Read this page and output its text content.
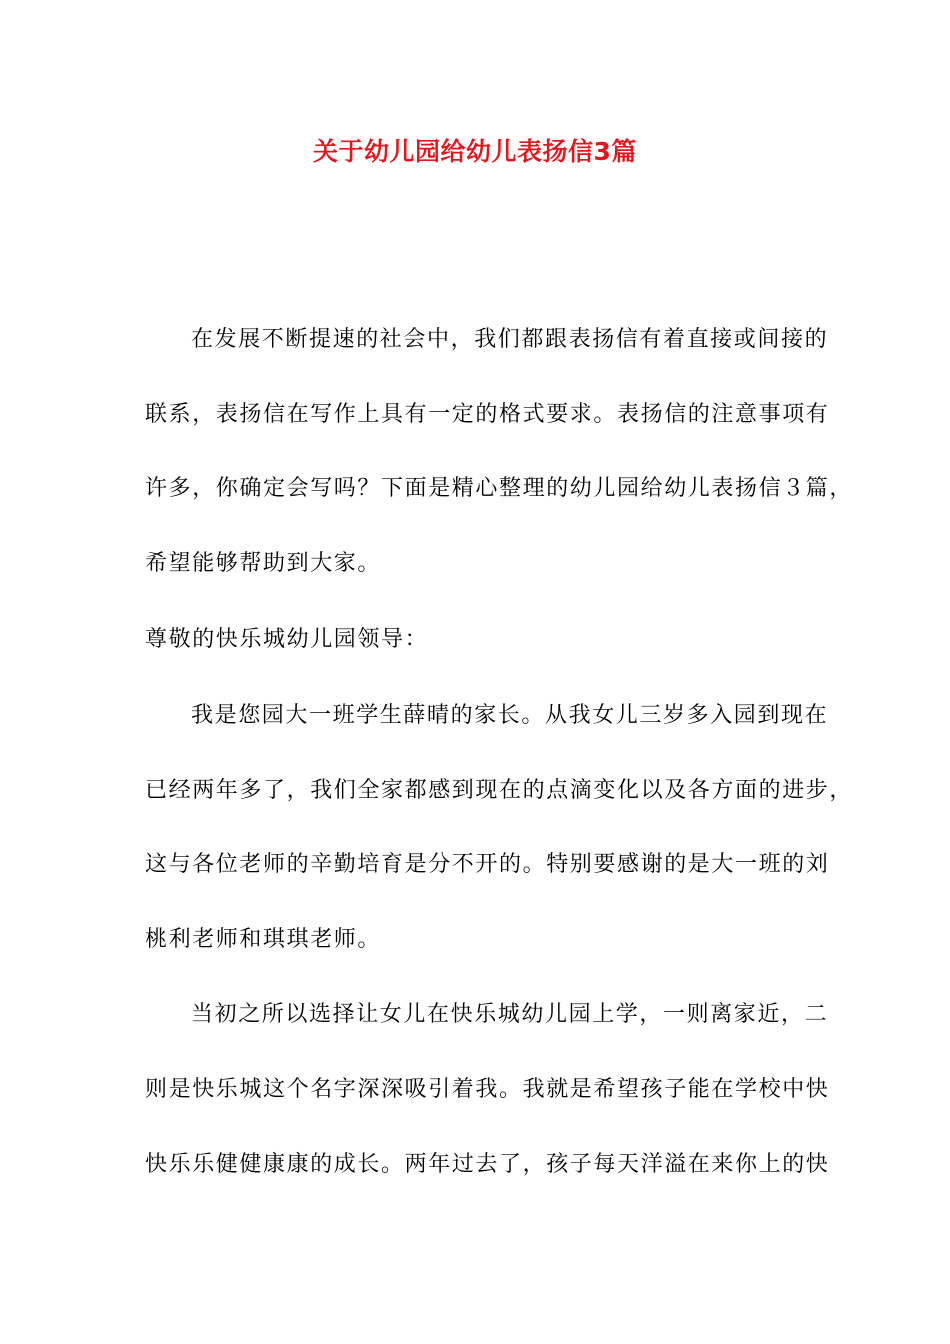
关于幼儿园给幼儿表扬信3篇
在发展不断提速的社会中，我们都跟表扬信有着直接或间接的
联系，表扬信在写作上具有一定的格式要求。表扬信的注意事项有
许多，你确定会写吗？下面是精心整理的幼儿园给幼儿表扬信３篇，
希望能够帮助到大家。
尊敬的快乐城幼儿园领导：
我是您园大一班学生薛晴的家长。从我女儿三岁多入园到现在
已经两年多了，我们全家都感到现在的点滴变化以及各方面的进步，
这与各位老师的辛勤培育是分不开的。特别要感谢的是大一班的刘
桃利老师和琪琪老师。
当初之所以选择让女儿在快乐城幼儿园上学，一则离家近，二
则是快乐城这个名字深深吸引着我。我就是希望孩子能在学校中快
快乐乐健健康康的成长。两年过去了，孩子每天洋溢在来你上的快
